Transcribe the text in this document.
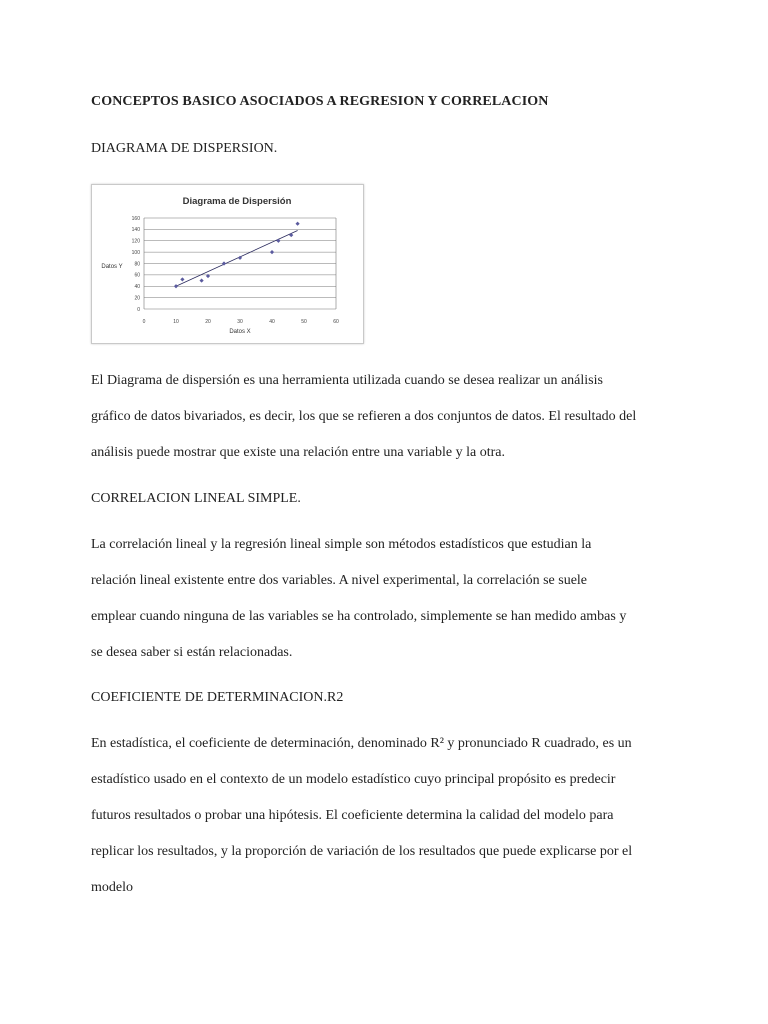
CONCEPTOS BASICO ASOCIADOS A REGRESION Y CORRELACION
DIAGRAMA DE DISPERSION.
Diagrama de Dispersión
0
20
40
60
80
100
120
140
160
0	10	20	30	40	50	60
Datos Y
Datos X
El Diagrama de dispersión es una herramienta utilizada cuando se desea realizar un análisis
gráfico de datos bivariados, es decir, los que se refieren a dos conjuntos de datos. El resultado del
análisis puede mostrar que existe una relación entre una variable y la otra.
CORRELACION LINEAL SIMPLE.
La correlación lineal y la regresión lineal simple son métodos estadísticos que estudian la
relación lineal existente entre dos variables. A nivel experimental, la correlación se suele
emplear cuando ninguna de las variables se ha controlado, simplemente se han medido ambas y
se desea saber si están relacionadas.
COEFICIENTE DE DETERMINACION.R2
En estadística, el coeficiente de determinación, denominado R² y pronunciado R cuadrado, es un
estadístico usado en el contexto de un modelo estadístico cuyo principal propósito es predecir
futuros resultados o probar una hipótesis. El coeficiente determina la calidad del modelo para
replicar los resultados, y la proporción de variación de los resultados que puede explicarse por el
modelo
